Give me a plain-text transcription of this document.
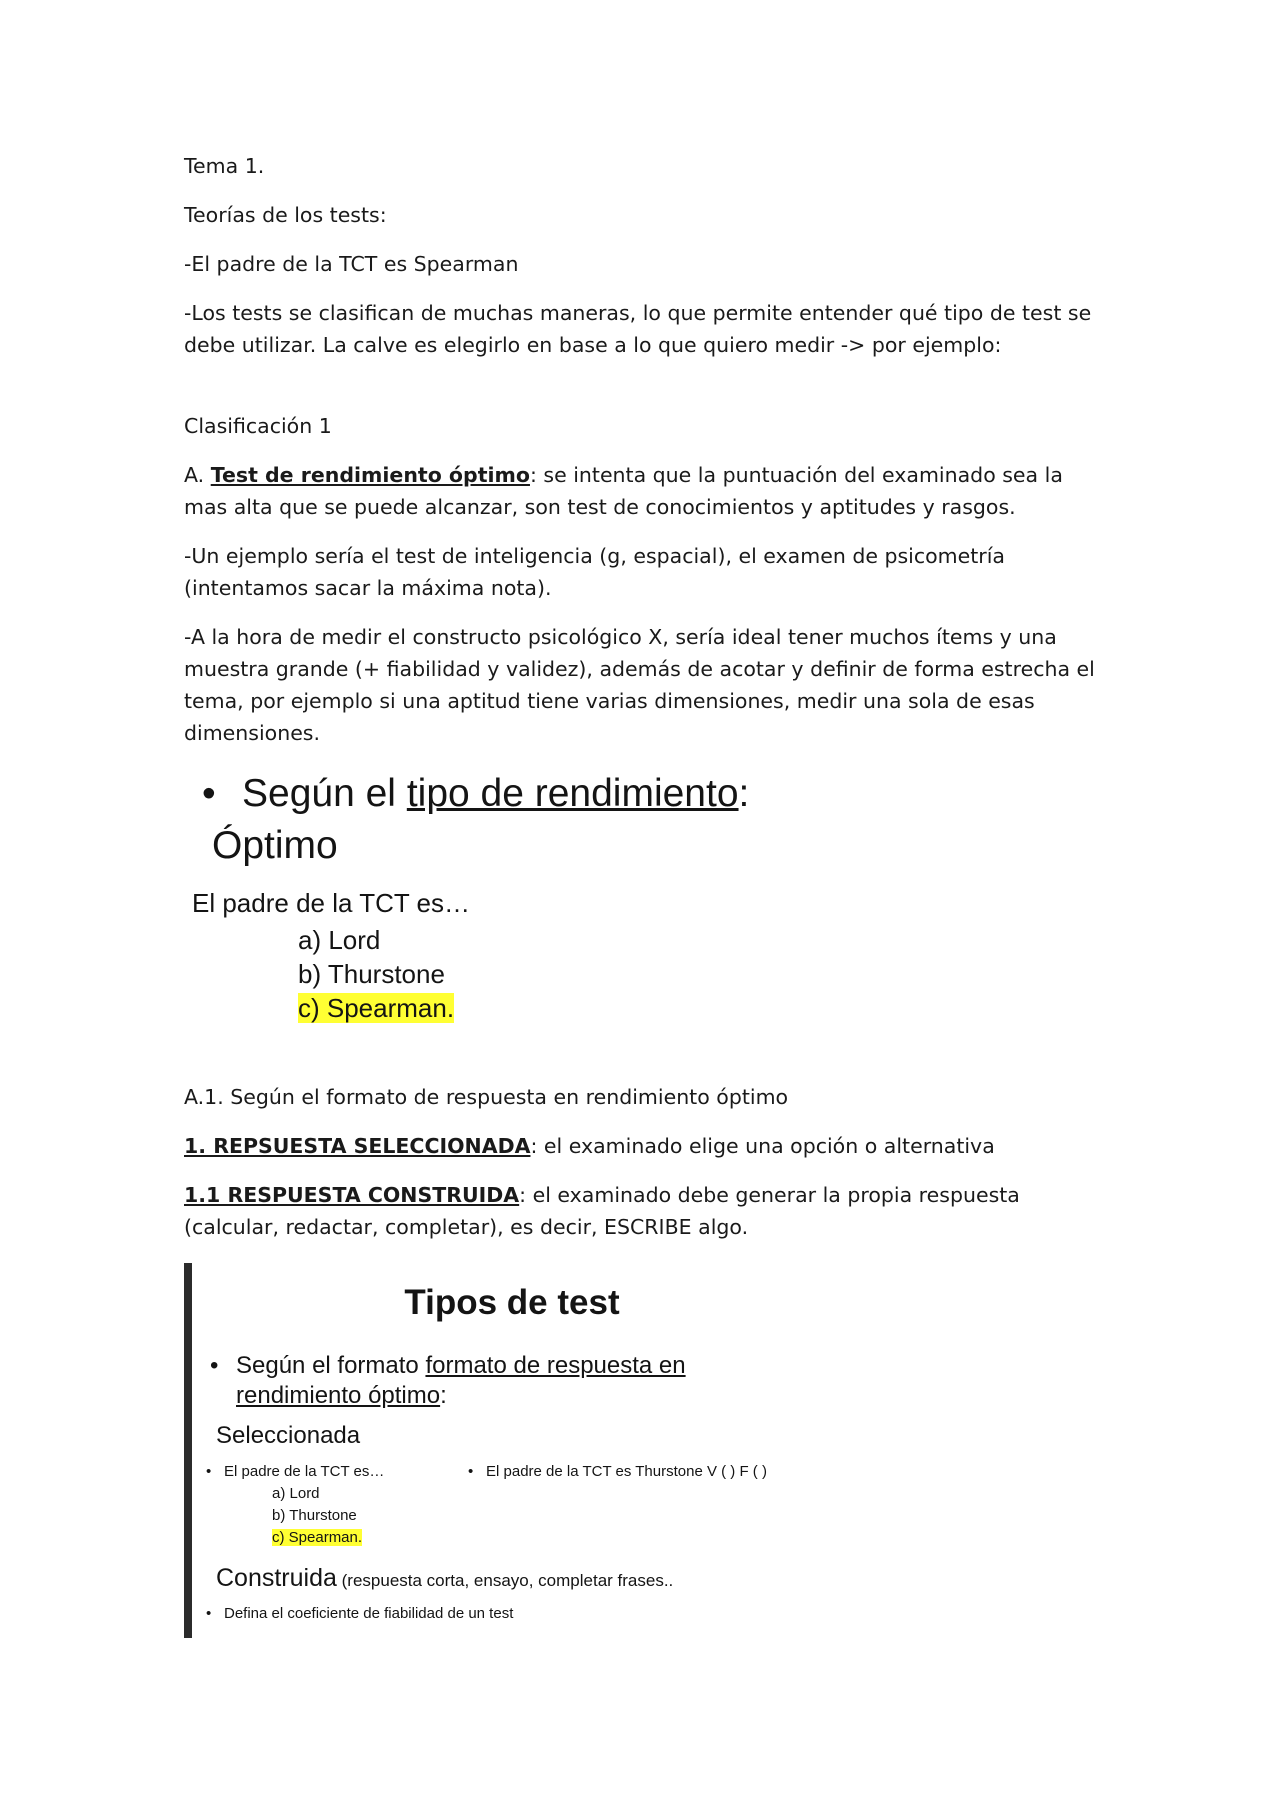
Tema 1.

Teorías de los tests:

-El padre de la TCT es Spearman

-Los tests se clasifican de muchas maneras, lo que permite entender qué tipo de test se debe utilizar. La calve es elegirlo en base a lo que quiero medir -> por ejemplo:

Clasificación 1

A. Test de rendimiento óptimo: se intenta que la puntuación del examinado sea la mas alta que se puede alcanzar, son test de conocimientos y aptitudes y rasgos.

-Un ejemplo sería el test de inteligencia (g, espacial), el examen de psicometría (intentamos sacar la máxima nota).

-A la hora de medir el constructo psicológico X, sería ideal tener muchos ítems y una muestra grande (+ fiabilidad y validez), además de acotar y definir de forma estrecha el tema, por ejemplo si una aptitud tiene varias dimensiones, medir una sola de esas dimensiones.

• Según el tipo de rendimiento:
Óptimo
El padre de la TCT es…
a) Lord
b) Thurstone
c) Spearman.

A.1. Según el formato de respuesta en rendimiento óptimo

1. REPSUESTA SELECCIONADA: el examinado elige una opción o alternativa

1.1 RESPUESTA CONSTRUIDA: el examinado debe generar la propia respuesta (calcular, redactar, completar), es decir, ESCRIBE algo.

Tipos de test
• Según el formato formato de respuesta en
rendimiento óptimo:
Seleccionada
• El padre de la TCT es…	• El padre de la TCT es Thurstone V ( ) F ( )
a) Lord
b) Thurstone
c) Spearman.
Construida (respuesta corta, ensayo, completar frases..
• Defina el coeficiente de fiabilidad de un test
